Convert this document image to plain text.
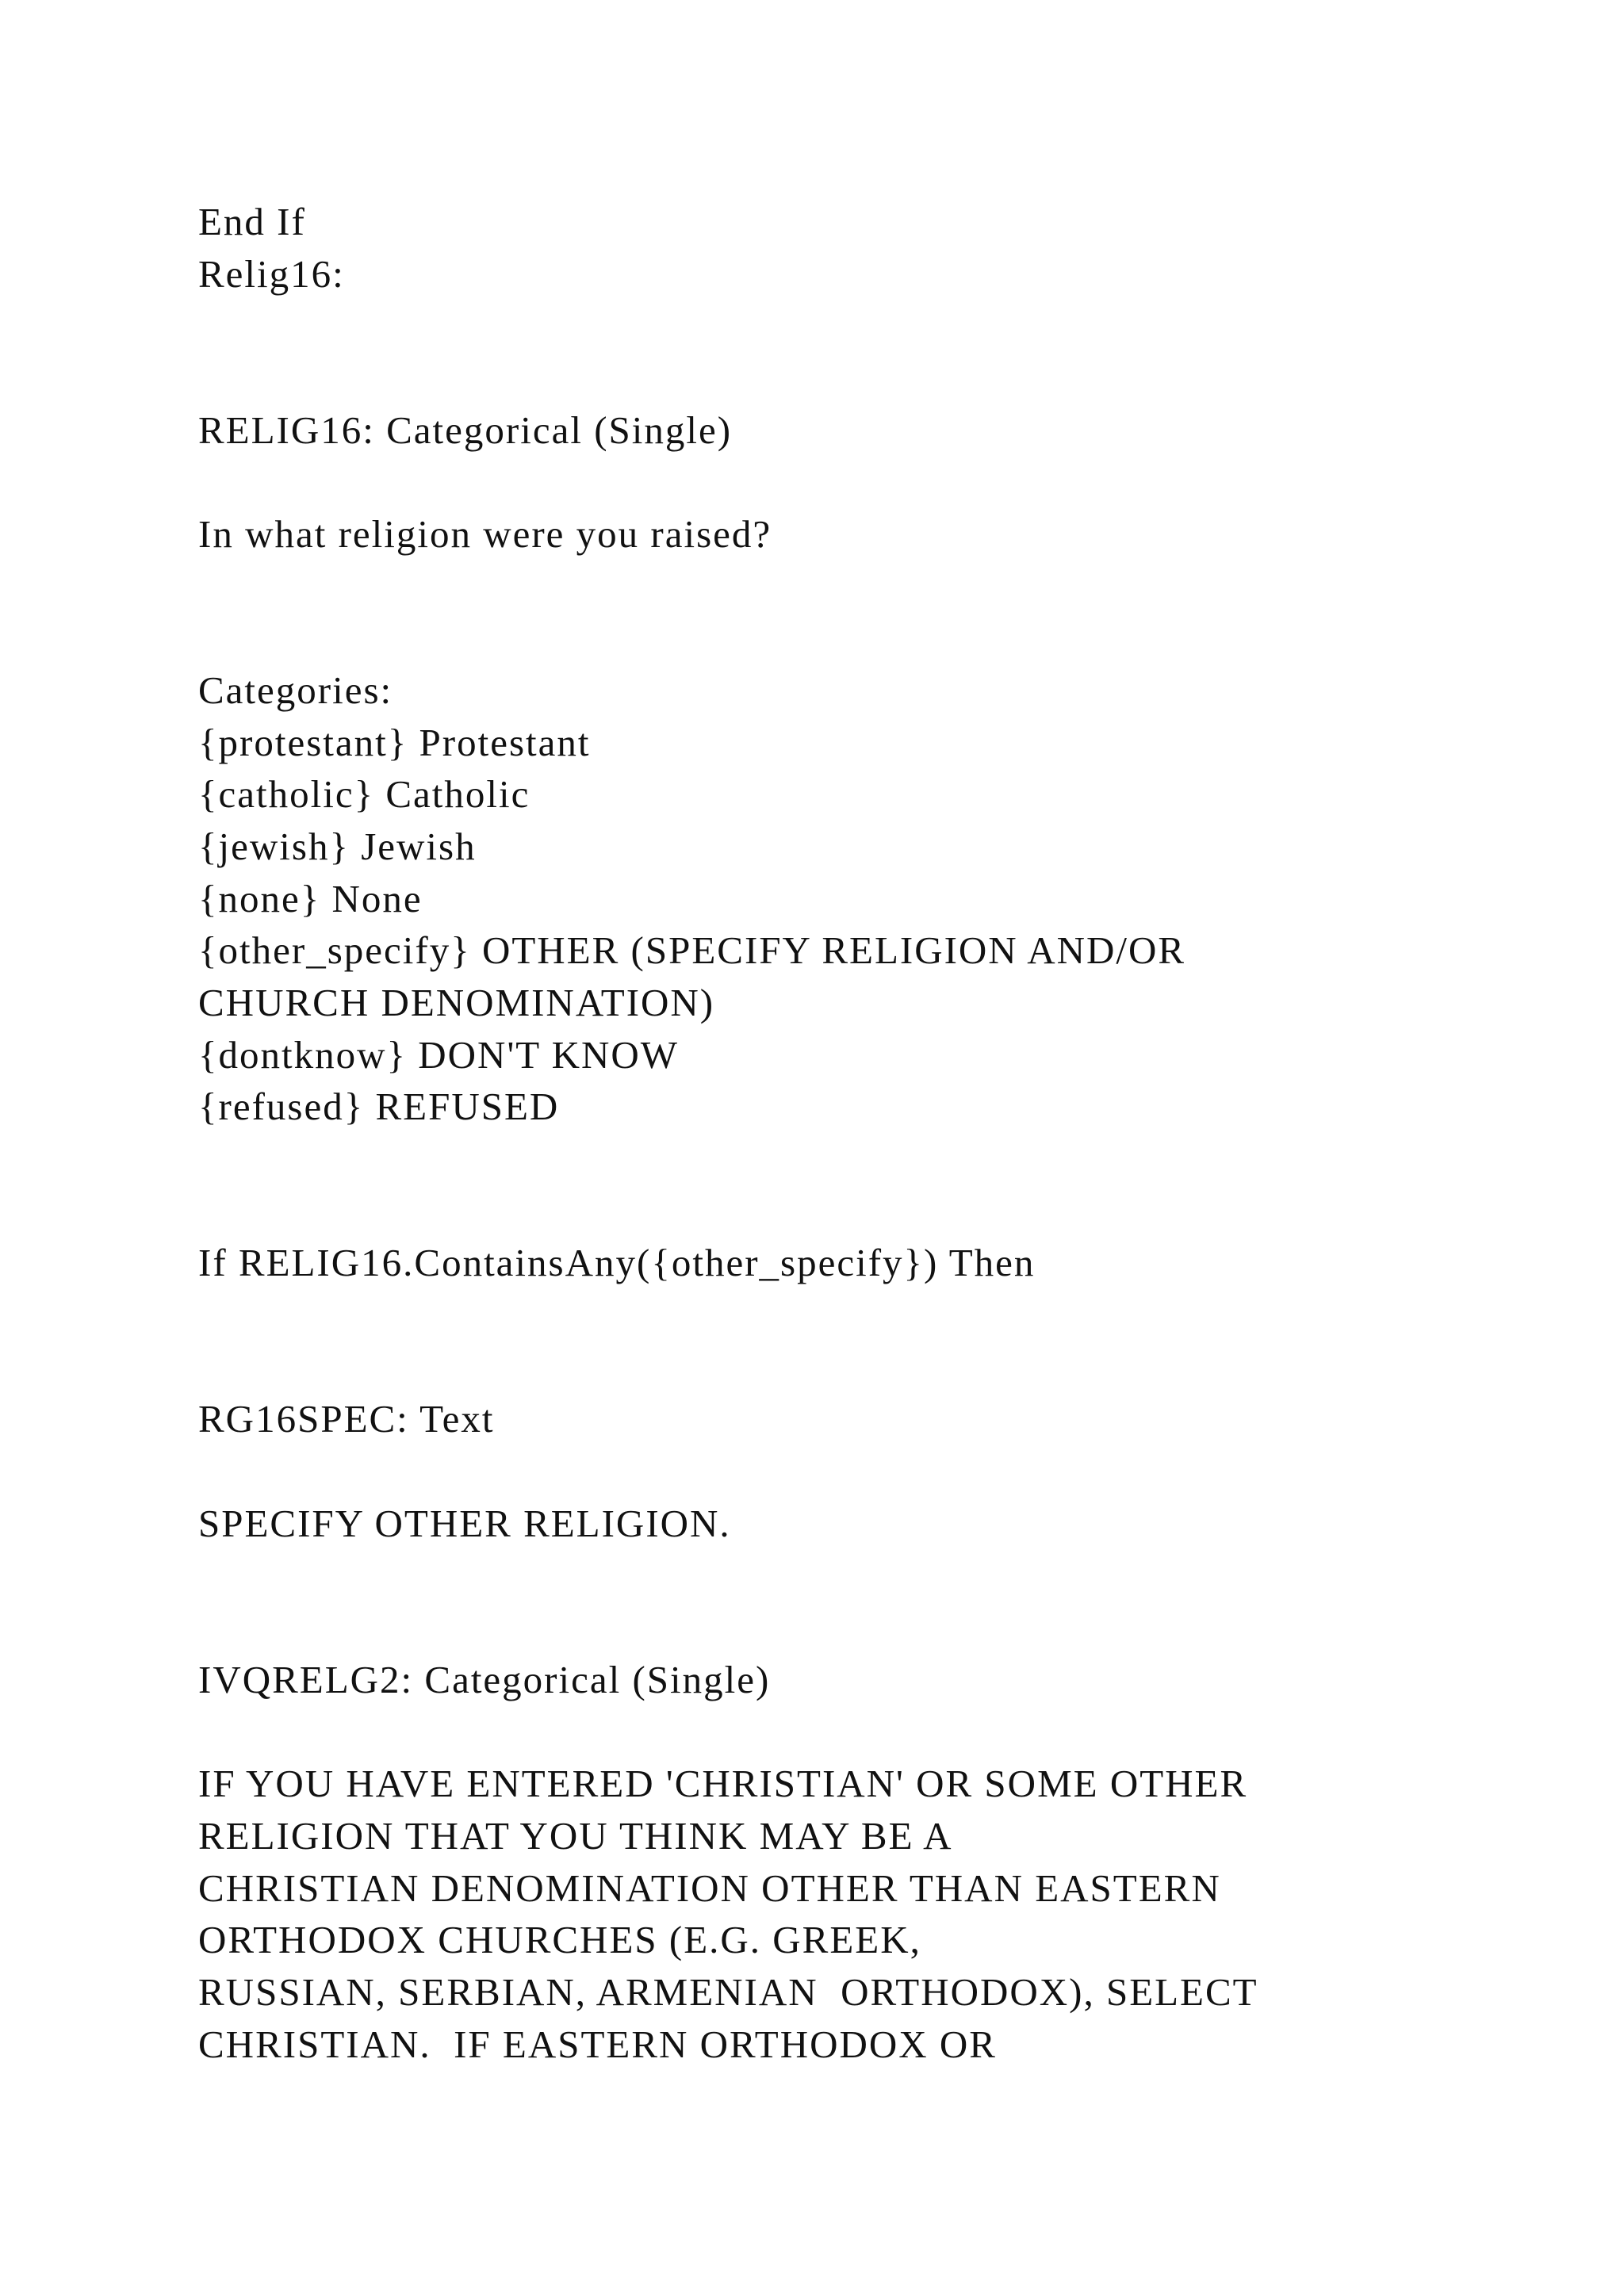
End If
Relig16:
RELIG16: Categorical (Single)
In what religion were you raised?
Categories:
{protestant} Protestant
{catholic} Catholic
{jewish} Jewish
{none} None
{other_specify} OTHER (SPECIFY RELIGION AND/OR
CHURCH DENOMINATION)
{dontknow} DON'T KNOW
{refused} REFUSED
If RELIG16.ContainsAny({other_specify}) Then
RG16SPEC: Text
SPECIFY OTHER RELIGION.
IVQRELG2: Categorical (Single)
IF YOU HAVE ENTERED 'CHRISTIAN' OR SOME OTHER
RELIGION THAT YOU THINK MAY BE A
CHRISTIAN DENOMINATION OTHER THAN EASTERN
ORTHODOX CHURCHES (E.G. GREEK,
RUSSIAN, SERBIAN, ARMENIAN  ORTHODOX), SELECT
CHRISTIAN.  IF EASTERN ORTHODOX OR
